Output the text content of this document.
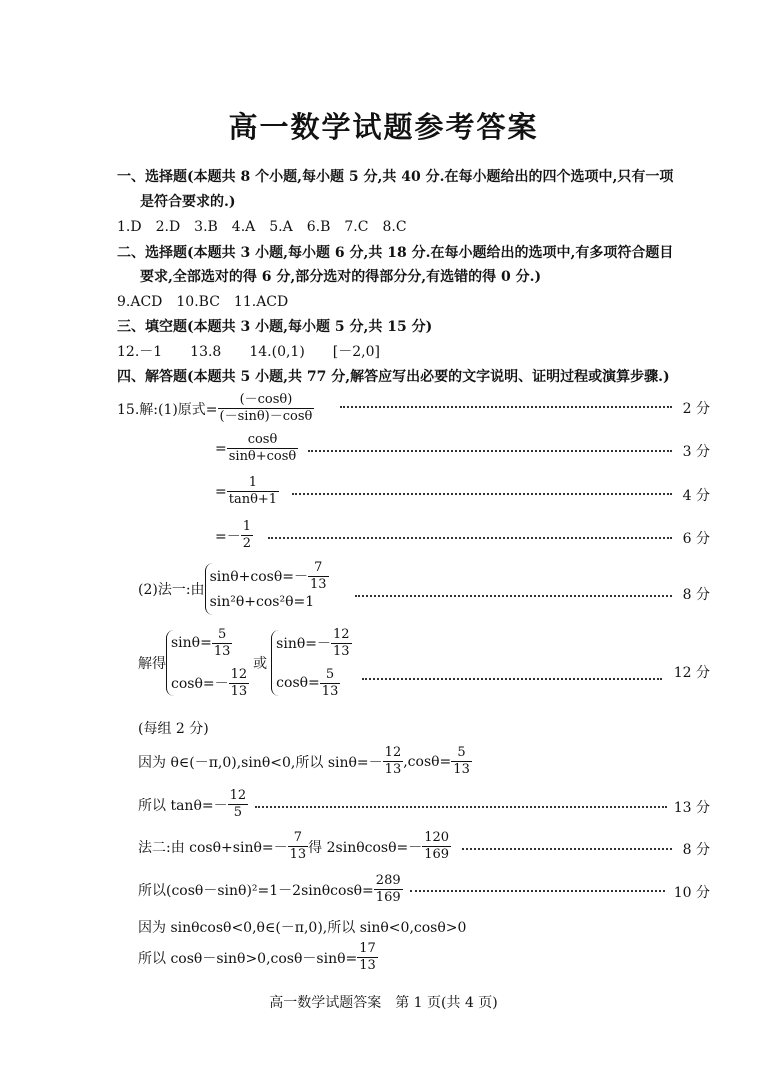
高一数学试题参考答案
一、选择题(本题共 8 个小题,每小题 5 分,共 40 分.在每小题给出的四个选项中,只有一项
是符合要求的.)
1.D　2.D　3.B　4.A　5.A　6.B　7.C　8.C
二、选择题(本题共 3 小题,每小题 6 分,共 18 分.在每小题给出的选项中,有多项符合题目
要求,全部选对的得 6 分,部分选对的得部分分,有选错的得 0 分.)
9.ACD　10.BC　11.ACD
三、填空题(本题共 3 小题,每小题 5 分,共 15 分)
12.－1　　13.8　　14.(0,1)　　[－2,0]
四、解答题(本题共 5 小题,共 77 分,解答应写出必要的文字说明、证明过程或演算步骤.)
15.解:(1)原式= $\frac{(-\cos\theta)}{(-\sin\theta)-\cos\theta}$	2 分
= $\frac{\cos\theta}{\sin\theta+\cos\theta}$	3 分
= $\frac{1}{\tan\theta+1}$	4 分
=－ $\frac{1}{2}$	6 分
(2)法一:由
$\sin\theta+\cos\theta=- \frac{7}{13}$
sin²θ+cos²θ=1	8 分
解得
$\sin\theta= \frac{5}{13}$
$\cos\theta=- \frac{12}{13}$
或
$\sin\theta=- \frac{12}{13}$
$\cos\theta= \frac{5}{13}$	12 分
(每组 2 分)
因为 θ∈(－π,0),sinθ<0,所以 $\sin\theta=- \frac{12}{13} ,\cos\theta= \frac{5}{13}$
所以 $\tan\theta=- \frac{12}{5}$	13 分
法二:由 $\cos\theta+\sin\theta=- \frac{7}{13}$ 得 $2\sin\theta\cos\theta=- \frac{120}{169}$	8 分
所以$(\cos\theta-\sin\theta)^2=1-2\sin\theta\cos\theta= \frac{289}{169}$	10 分
因为 sinθcosθ<0,θ∈(－π,0),所以 sinθ<0,cosθ>0
所以 $\cos\theta-\sin\theta>0,\cos\theta-\sin\theta= \frac{17}{13}$
高一数学试题答案　第 1 页(共 4 页)
